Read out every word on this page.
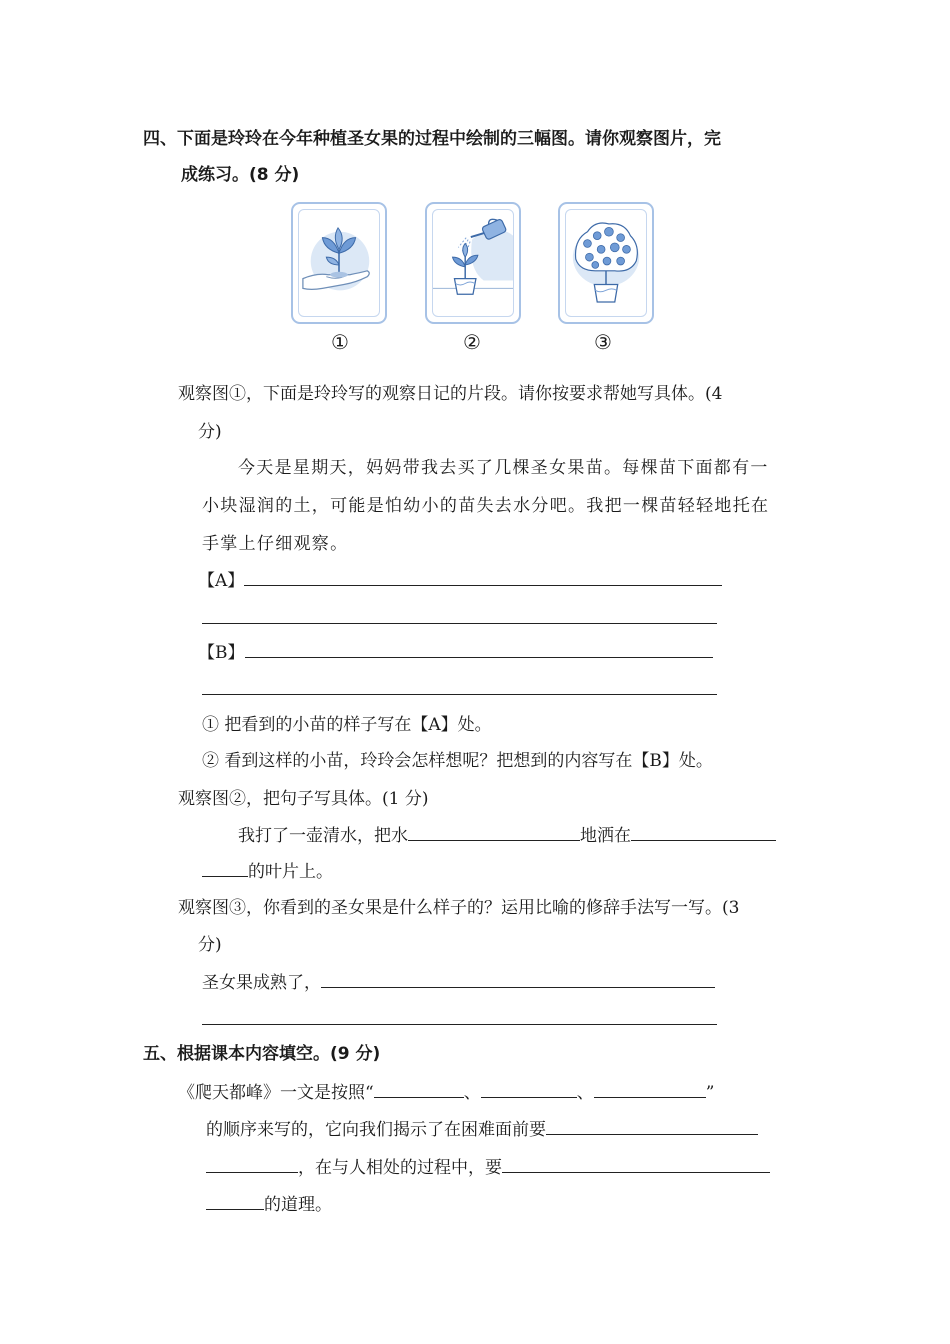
四、下面是玲玲在今年种植圣女果的过程中绘制的三幅图。请你观察图片，完
成练习。(8 分)
①	②	③
观察图①，下面是玲玲写的观察日记的片段。请你按要求帮她写具体。(4
分)
今天是星期天，妈妈带我去买了几棵圣女果苗。每棵苗下面都有一
小块湿润的土，可能是怕幼小的苗失去水分吧。我把一棵苗轻轻地托在
手掌上仔细观察。
【A】
【B】
① 把看到的小苗的样子写在【A】处。
② 看到这样的小苗，玲玲会怎样想呢？把想到的内容写在【B】处。
观察图②，把句子写具体。(1 分)
我打了一壶清水，把水	地洒在
的叶片上。
观察图③，你看到的圣女果是什么样子的？运用比喻的修辞手法写一写。(3
分)
圣女果成熟了，
五、根据课本内容填空。(9 分)
《爬天都峰》一文是按照“	、	、	”
的顺序来写的，它向我们揭示了在困难面前要
，在与人相处的过程中，要
的道理。
